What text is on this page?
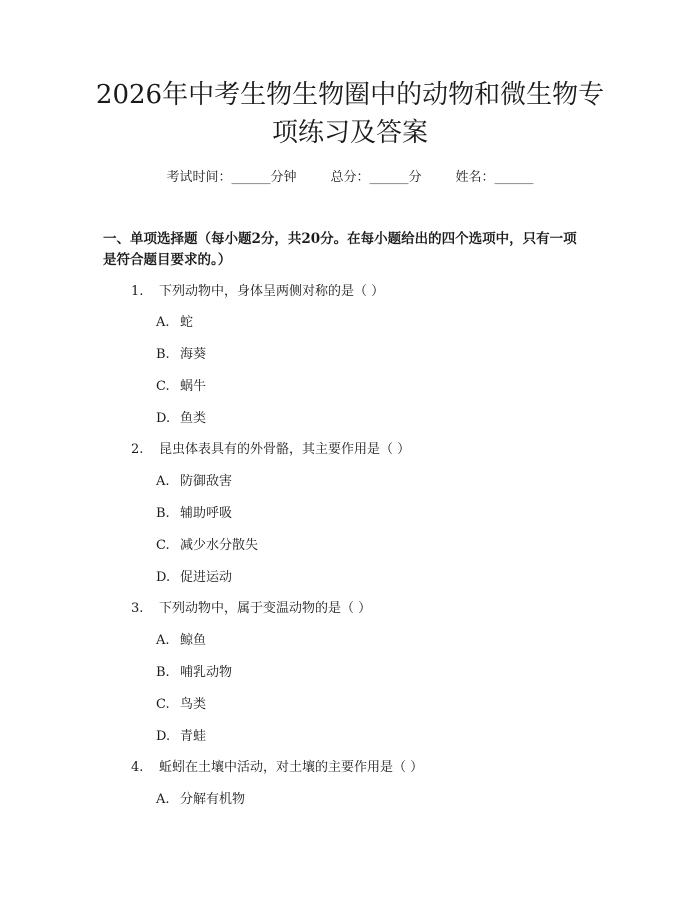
2026年中考生物生物圈中的动物和微生物专
项练习及答案
考试时间：______分钟	总分：______分	姓名：______
一、单项选择题（每小题2分，共20分。在每小题给出的四个选项中，只有一项
是符合题目要求的。）
1. 下列动物中，身体呈两侧对称的是（ ）
A. 蛇
B. 海葵
C. 蜗牛
D. 鱼类
2. 昆虫体表具有的外骨骼，其主要作用是（ ）
A. 防御敌害
B. 辅助呼吸
C. 减少水分散失
D. 促进运动
3. 下列动物中，属于变温动物的是（ ）
A. 鲸鱼
B. 哺乳动物
C. 鸟类
D. 青蛙
4. 蚯蚓在土壤中活动，对土壤的主要作用是（ ）
A. 分解有机物
